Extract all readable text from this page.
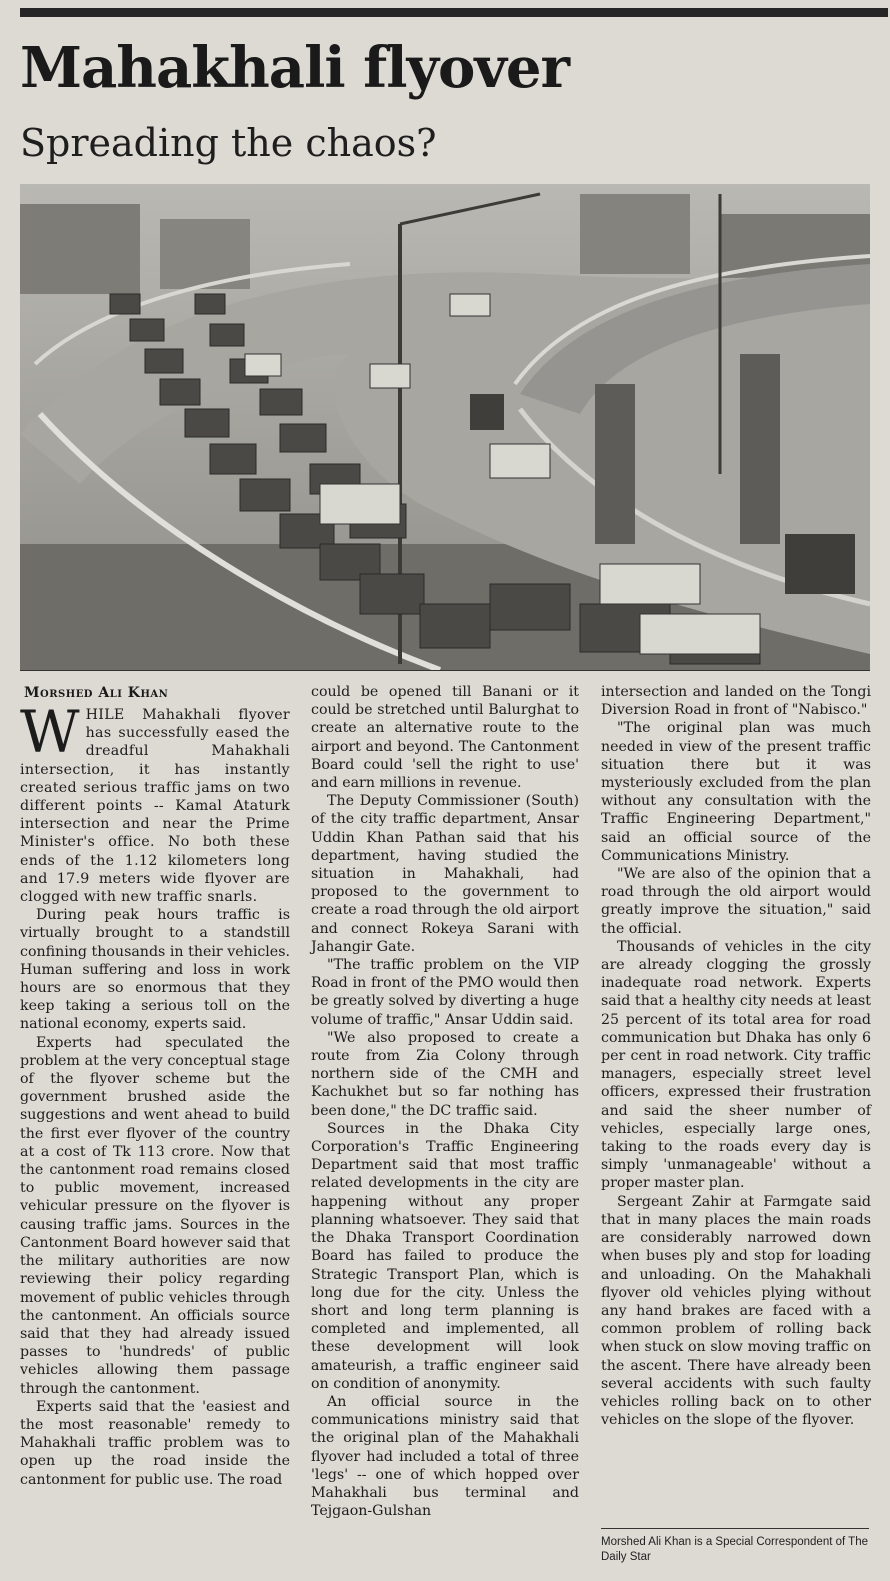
Mahakhali flyover
Spreading the chaos?

Morshed Ali Khan

WHILE Mahakhali flyover has successfully eased the dreadful Mahakhali intersection, it has instantly created serious traffic jams on two different points -- Kamal Ataturk intersection and near the Prime Minister's office. No both these ends of the 1.12 kilometers long and 17.9 meters wide flyover are clogged with new traffic snarls.

During peak hours traffic is virtually brought to a standstill confining thousands in their vehicles. Human suffering and loss in work hours are so enormous that they keep taking a serious toll on the national economy, experts said.

Experts had speculated the problem at the very conceptual stage of the flyover scheme but the government brushed aside the suggestions and went ahead to build the first ever flyover of the country at a cost of Tk 113 crore. Now that the cantonment road remains closed to public movement, increased vehicular pressure on the flyover is causing traffic jams. Sources in the Cantonment Board however said that the military authorities are now reviewing their policy regarding movement of public vehicles through the cantonment. An officials source said that they had already issued passes to 'hundreds' of public vehicles allowing them passage through the cantonment.

Experts said that the 'easiest and the most reasonable' remedy to Mahakhali traffic problem was to open up the road inside the cantonment for public use. The road

could be opened till Banani or it could be stretched until Balurghat to create an alternative route to the airport and beyond. The Cantonment Board could 'sell the right to use' and earn millions in revenue.

The Deputy Commissioner (South) of the city traffic department, Ansar Uddin Khan Pathan said that his department, having studied the situation in Mahakhali, had proposed to the government to create a road through the old airport and connect Rokeya Sarani with Jahangir Gate.

"The traffic problem on the VIP Road in front of the PMO would then be greatly solved by diverting a huge volume of traffic," Ansar Uddin said.

"We also proposed to create a route from Zia Colony through northern side of the CMH and Kachukhet but so far nothing has been done," the DC traffic said.

Sources in the Dhaka City Corporation's Traffic Engineering Department said that most traffic related developments in the city are happening without any proper planning whatsoever. They said that the Dhaka Transport Coordination Board has failed to produce the Strategic Transport Plan, which is long due for the city. Unless the short and long term planning is completed and implemented, all these development will look amateurish, a traffic engineer said on condition of anonymity.

An official source in the communications ministry said that the original plan of the Mahakhali flyover had included a total of three 'legs' -- one of which hopped over Mahakhali bus terminal and Tejgaon-Gulshan

intersection and landed on the Tongi Diversion Road in front of "Nabisco."

"The original plan was much needed in view of the present traffic situation there but it was mysteriously excluded from the plan without any consultation with the Traffic Engineering Department," said an official source of the Communications Ministry.

"We are also of the opinion that a road through the old airport would greatly improve the situation," said the official.

Thousands of vehicles in the city are already clogging the grossly inadequate road network. Experts said that a healthy city needs at least 25 percent of its total area for road communication but Dhaka has only 6 per cent in road network. City traffic managers, especially street level officers, expressed their frustration and said the sheer number of vehicles, especially large ones, taking to the roads every day is simply 'unmanageable' without a proper master plan.

Sergeant Zahir at Farmgate said that in many places the main roads are considerably narrowed down when buses ply and stop for loading and unloading. On the Mahakhali flyover old vehicles plying without any hand brakes are faced with a common problem of rolling back when stuck on slow moving traffic on the ascent. There have already been several accidents with such faulty vehicles rolling back on to other vehicles on the slope of the flyover.

Morshed Ali Khan is a Special Correspondent of The Daily Star
